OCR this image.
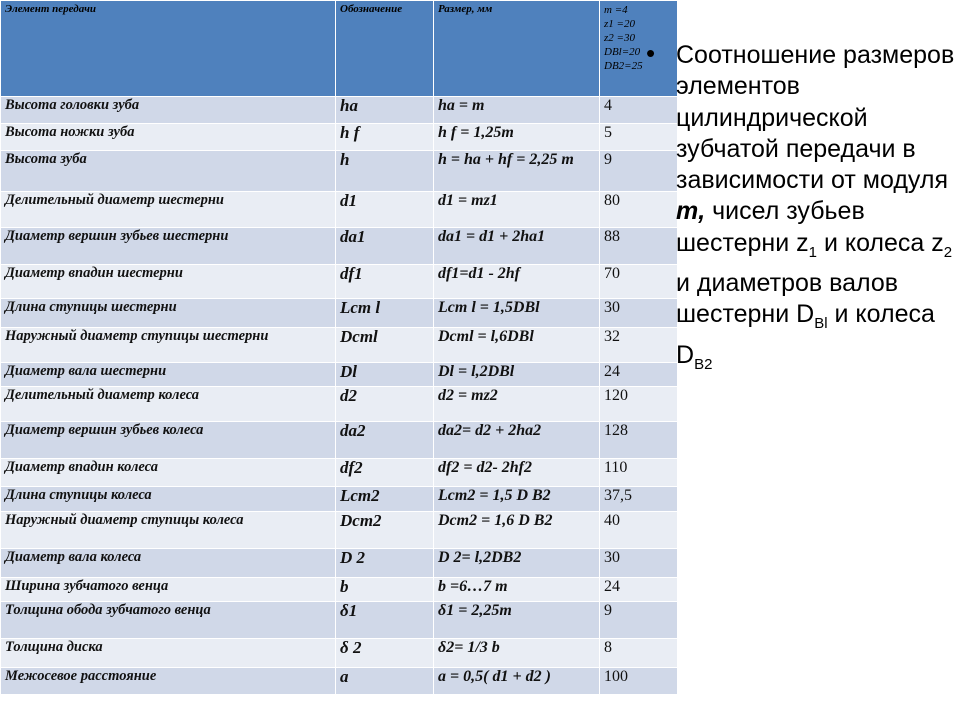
Элемент передачи	Обозначение	Размер, мм	m =4
z1 =20
z2 =30
DBl=20
DB2=25

Высота головки зуба	ha	ha = m	4
Высота ножки зуба	h f	h f = 1,25m	5
Высота зуба	h	h = ha + hf = 2,25 m	9
Делительный диаметр шестерни	d1	d1 = mz1	80
Диаметр вершин зубьев шестерни	da1	da1 = d1 + 2ha1	88
Диаметр впадин шестерни	df1	df1=d1 - 2hf	70
Длина ступицы шестерни	Lcm l	Lcm l = 1,5DBl	30
Наружный диаметр ступицы шестерни	Dcml	Dcml = l,6DBl	32
Диаметр вала шестерни	Dl	Dl = l,2DBl	24
Делительный диаметр колеса	d2	d2 = mz2	120
Диаметр вершин зубьев колеса	da2	da2= d2 + 2ha2	128
Диаметр впадин колеса	df2	df2 = d2- 2hf2	110
Длина ступицы колеса	Lcm2	Lcm2 = 1,5 D B2	37,5
Наружный диаметр ступицы колеса	Dcm2	Dcm2 = 1,6 D B2	40
Диаметр вала колеса	D 2	D 2= l,2DB2	30
Ширина зубчатого венца	b	b =6…7 m	24
Толщина обода зубчатого венца	δ1	δ1 = 2,25m	9
Толщина диска	δ 2	δ2= 1/3 b	8
Межосевое расстояние	a	a = 0,5( d1 + d2 )	100
• Соотношение размеров элементов цилиндрической зубчатой передачи в зависимости от модуля m, чисел зубьев шестерни $z_1$ и колеса $z_2$ и диаметров валов шестерни $D_{Bl}$ и колеса $D_{B2}$
